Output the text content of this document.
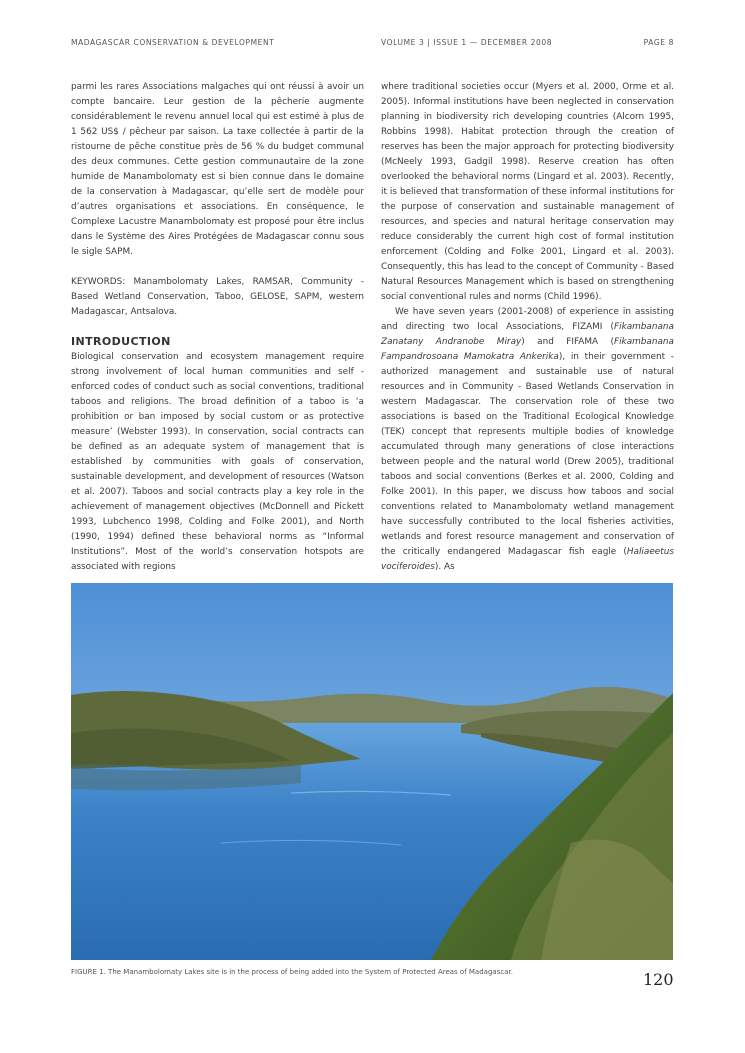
MADAGASCAR CONSERVATION & DEVELOPMENT	VOLUME 3 | ISSUE 1 — DECEMBER 2008	PAGE 8

parmi les rares Associations malgaches qui ont réussi à avoir un compte bancaire. Leur gestion de la pêcherie augmente considérablement le revenu annuel local qui est estimé à plus de 1 562 US$ / pêcheur par saison. La taxe collectée à partir de la ristourne de pêche constitue près de 56 % du budget communal des deux communes. Cette gestion communautaire de la zone humide de Manambolomaty est si bien connue dans le domaine de la conservation à Madagascar, qu’elle sert de modèle pour d’autres organisations et associations. En conséquence, le Complexe Lacustre Manambolomaty est proposé pour être inclus dans le Système des Aires Protégées de Madagascar connu sous le sigle SAPM.

KEYWORDS: Manambolomaty Lakes, RAMSAR, Community - Based Wetland Conservation, Taboo, GELOSE, SAPM, western Madagascar, Antsalova.

INTRODUCTION

Biological conservation and ecosystem management require strong involvement of local human communities and self - enforced codes of conduct such as social conventions, traditional taboos and religions. The broad definition of a taboo is ‘a prohibition or ban imposed by social custom or as protective measure’ (Webster 1993). In conservation, social contracts can be defined as an adequate system of management that is established by communities with goals of conservation, sustainable development, and development of resources (Watson et al. 2007). Taboos and social contracts play a key role in the achievement of management objectives (McDonnell and Pickett 1993, Lubchenco 1998, Colding and Folke 2001), and North (1990, 1994) defined these behavioral norms as “Informal Institutions”. Most of the world’s conservation hotspots are associated with regions

where traditional societies occur (Myers et al. 2000, Orme et al. 2005). Informal institutions have been neglected in conservation planning in biodiversity rich developing countries (Alcorn 1995, Robbins 1998). Habitat protection through the creation of reserves has been the major approach for protecting biodiversity (McNeely 1993, Gadgil 1998). Reserve creation has often overlooked the behavioral norms (Lingard et al. 2003). Recently, it is believed that transformation of these informal institutions for the purpose of conservation and sustainable management of resources, and species and natural heritage conservation may reduce considerably the current high cost of formal institution enforcement (Colding and Folke 2001, Lingard et al. 2003). Consequently, this has lead to the concept of Community - Based Natural Resources Management which is based on strengthening social conventional rules and norms (Child 1996).

We have seven years (2001-2008) of experience in assisting and directing two local Associations, FIZAMI (Fikambanana Zanatany Andranobe Miray) and FIFAMA (Fikambanana Fampandrosoana Mamokatra Ankerika), in their government - authorized management and sustainable use of natural resources and in Community - Based Wetlands Conservation in western Madagascar. The conservation role of these two associations is based on the Traditional Ecological Knowledge (TEK) concept that represents multiple bodies of knowledge accumulated through many generations of close interactions between people and the natural world (Drew 2005), traditional taboos and social conventions (Berkes et al. 2000, Colding and Folke 2001). In this paper, we discuss how taboos and social conventions related to Manambolomaty wetland management have successfully contributed to the local fisheries activities, wetlands and forest resource management and conservation of the critically endangered Madagascar fish eagle (Haliaeetus vociferoides). As

FIGURE 1. The Manambolomaty Lakes site is in the process of being added into the System of Protected Areas of Madagascar.	120
